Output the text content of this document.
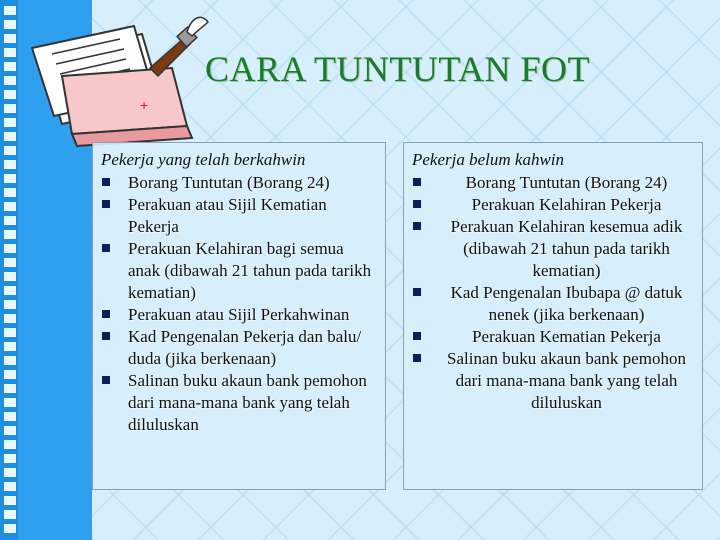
+
CARA TUNTUTAN FOT
Pekerja yang telah berkahwin
Borang Tuntutan (Borang 24)
Perakuan atau Sijil Kematian Pekerja
Perakuan Kelahiran bagi semua anak (dibawah 21 tahun pada tarikh kematian)
Perakuan atau Sijil Perkahwinan
Kad Pengenalan Pekerja dan balu/ duda (jika berkenaan)
Salinan buku akaun bank pemohon dari mana-mana bank yang telah diluluskan
Pekerja belum kahwin
Borang Tuntutan (Borang 24)
Perakuan Kelahiran Pekerja
Perakuan Kelahiran kesemua adik (dibawah 21 tahun pada tarikh kematian)
Kad Pengenalan Ibubapa @ datuk nenek (jika berkenaan)
Perakuan Kematian Pekerja
Salinan buku akaun bank pemohon dari mana-mana bank yang telah diluluskan
